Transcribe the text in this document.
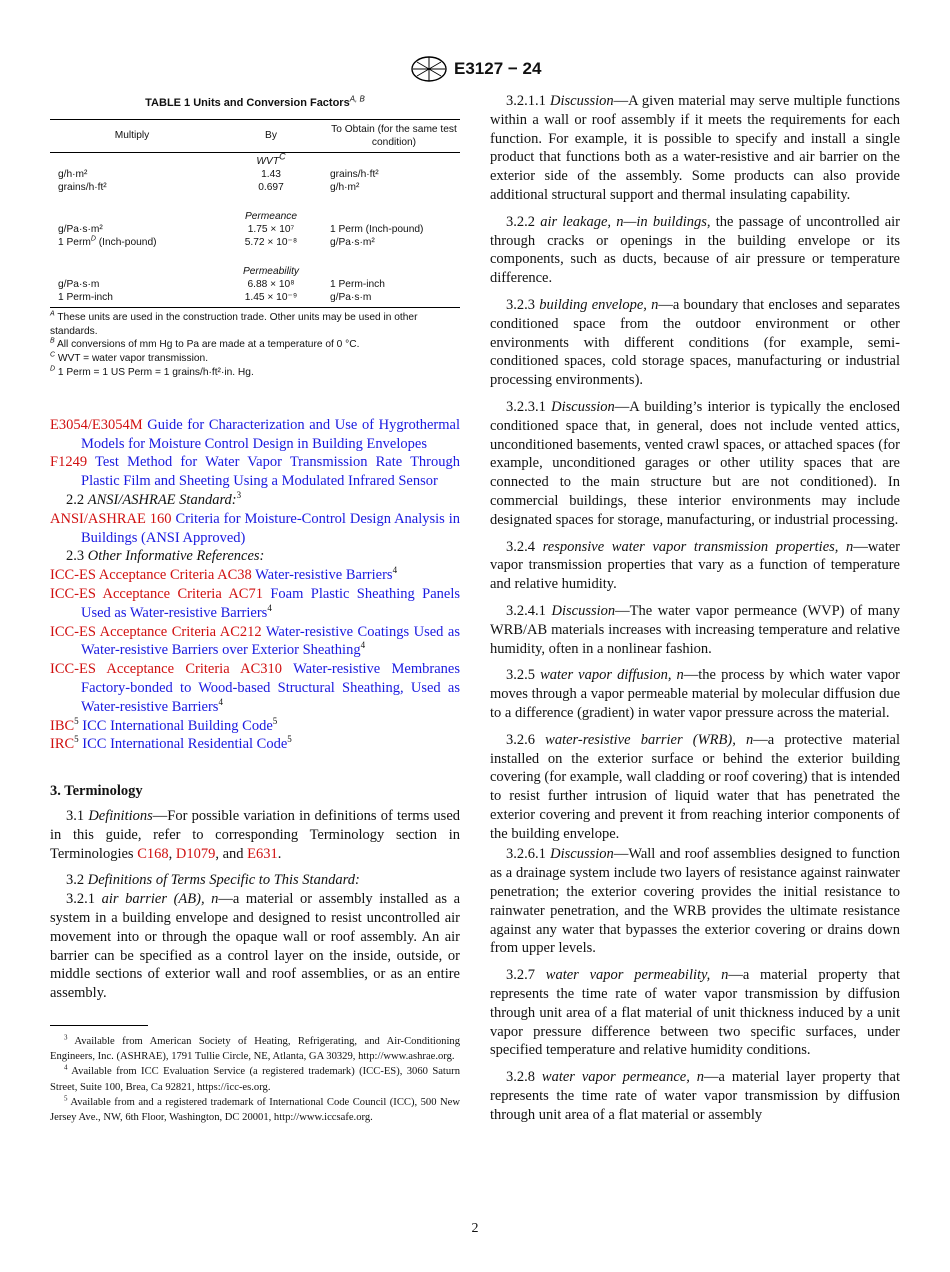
E3127 − 24
TABLE 1 Units and Conversion Factors$^{A, B}$
Multiply	By	To Obtain (for the same test condition)
	$WVT^C$	
g/h·m²	1.43	grains/h·ft²
grains/h·ft²	0.697	g/h·m²

	Permeance	
g/Pa·s·m²	1.75 × 10⁷	1 Perm (Inch-pound)
1 Perm$^D$ (Inch-pound)	5.72 × 10⁻⁸	g/Pa·s·m²

	Permeability	
g/Pa·s·m	6.88 × 10⁸	1 Perm-inch
1 Perm-inch	1.45 × 10⁻⁹	g/Pa·s·m
$^A$ These units are used in the construction trade. Other units may be used in other standards.
$^B$ All conversions of mm Hg to Pa are made at a temperature of 0 °C.
$^C$ WVT = water vapor transmission.
$^D$ 1 Perm = 1 US Perm = 1 grains/h·ft²·in. Hg.
E3054/E3054M Guide for Characterization and Use of Hygrothermal Models for Moisture Control Design in Building Envelopes
F1249 Test Method for Water Vapor Transmission Rate Through Plastic Film and Sheeting Using a Modulated Infrared Sensor
2.2 ANSI/ASHRAE Standard:$^3$
ANSI/ASHRAE 160 Criteria for Moisture-Control Design Analysis in Buildings (ANSI Approved)
2.3 Other Informative References:
ICC-ES Acceptance Criteria AC38 Water-resistive Barriers$^4$
ICC-ES Acceptance Criteria AC71 Foam Plastic Sheathing Panels Used as Water-resistive Barriers$^4$
ICC-ES Acceptance Criteria AC212 Water-resistive Coatings Used as Water-resistive Barriers over Exterior Sheathing$^4$
ICC-ES Acceptance Criteria AC310 Water-resistive Membranes Factory-bonded to Wood-based Structural Sheathing, Used as Water-resistive Barriers$^4$
IBC$^5$ ICC International Building Code$^5$
IRC$^5$ ICC International Residential Code$^5$
3. Terminology

3.1 Definitions—For possible variation in definitions of terms used in this guide, refer to corresponding Terminology section in Terminologies C168, D1079, and E631.

3.2 Definitions of Terms Specific to This Standard:

3.2.1 air barrier (AB), n—a material or assembly installed as a system in a building envelope and designed to resist uncontrolled air movement into or through the opaque wall or roof assembly. An air barrier can be specified as a control layer on the inside, outside, or middle sections of exterior wall and roof assemblies, or as an entire assembly.

$^3$ Available from American Society of Heating, Refrigerating, and Air-Conditioning Engineers, Inc. (ASHRAE), 1791 Tullie Circle, NE, Atlanta, GA 30329, http://www.ashrae.org.
$^4$ Available from ICC Evaluation Service (a registered trademark) (ICC-ES), 3060 Saturn Street, Suite 100, Brea, Ca 92821, https://icc-es.org.
$^5$ Available from and a registered trademark of International Code Council (ICC), 500 New Jersey Ave., NW, 6th Floor, Washington, DC 20001, http://www.iccsafe.org.

3.2.1.1 Discussion—A given material may serve multiple functions within a wall or roof assembly if it meets the requirements for each function. For example, it is possible to specify and install a single product that functions both as a water-resistive and air barrier on the exterior side of the assembly. Some products can also provide additional structural support and thermal insulating capability.

3.2.2 air leakage, n—in buildings, the passage of uncontrolled air through cracks or openings in the building envelope or its components, such as ducts, because of air pressure or temperature difference.

3.2.3 building envelope, n—a boundary that encloses and separates conditioned space from the outdoor environment or other environments with different conditions (for example, semi-conditioned spaces, cold storage spaces, manufacturing or industrial processing environments).

3.2.3.1 Discussion—A building’s interior is typically the enclosed conditioned space that, in general, does not include vented attics, unconditioned basements, vented crawl spaces, or attached spaces (for example, unconditioned garages or other utility spaces that are connected to the main structure but are not conditioned). In commercial buildings, these interior environments may include designated spaces for storage, manufacturing, or industrial processing.

3.2.4 responsive water vapor transmission properties, n—water vapor transmission properties that vary as a function of temperature and relative humidity.

3.2.4.1 Discussion—The water vapor permeance (WVP) of many WRB/AB materials increases with increasing temperature and relative humidity, often in a nonlinear fashion.

3.2.5 water vapor diffusion, n—the process by which water vapor moves through a vapor permeable material by molecular diffusion due to a difference (gradient) in water vapor pressure across the material.

3.2.6 water-resistive barrier (WRB), n—a protective material installed on the exterior surface or behind the exterior building covering (for example, wall cladding or roof covering) that is intended to resist further intrusion of liquid water that has penetrated the exterior covering and prevent it from reaching interior components of the building envelope.

3.2.6.1 Discussion—Wall and roof assemblies designed to function as a drainage system include two layers of resistance against rainwater penetration; the exterior covering provides the initial resistance to rainwater penetration, and the WRB provides the ultimate resistance against any water that bypasses the exterior covering or drains down from upper levels.

3.2.7 water vapor permeability, n—a material property that represents the time rate of water vapor transmission by diffusion through unit area of a flat material of unit thickness induced by a unit vapor pressure difference between two specific surfaces, under specified temperature and relative humidity conditions.

3.2.8 water vapor permeance, n—a material layer property that represents the time rate of water vapor transmission by diffusion through unit area of a flat material or assembly

2
